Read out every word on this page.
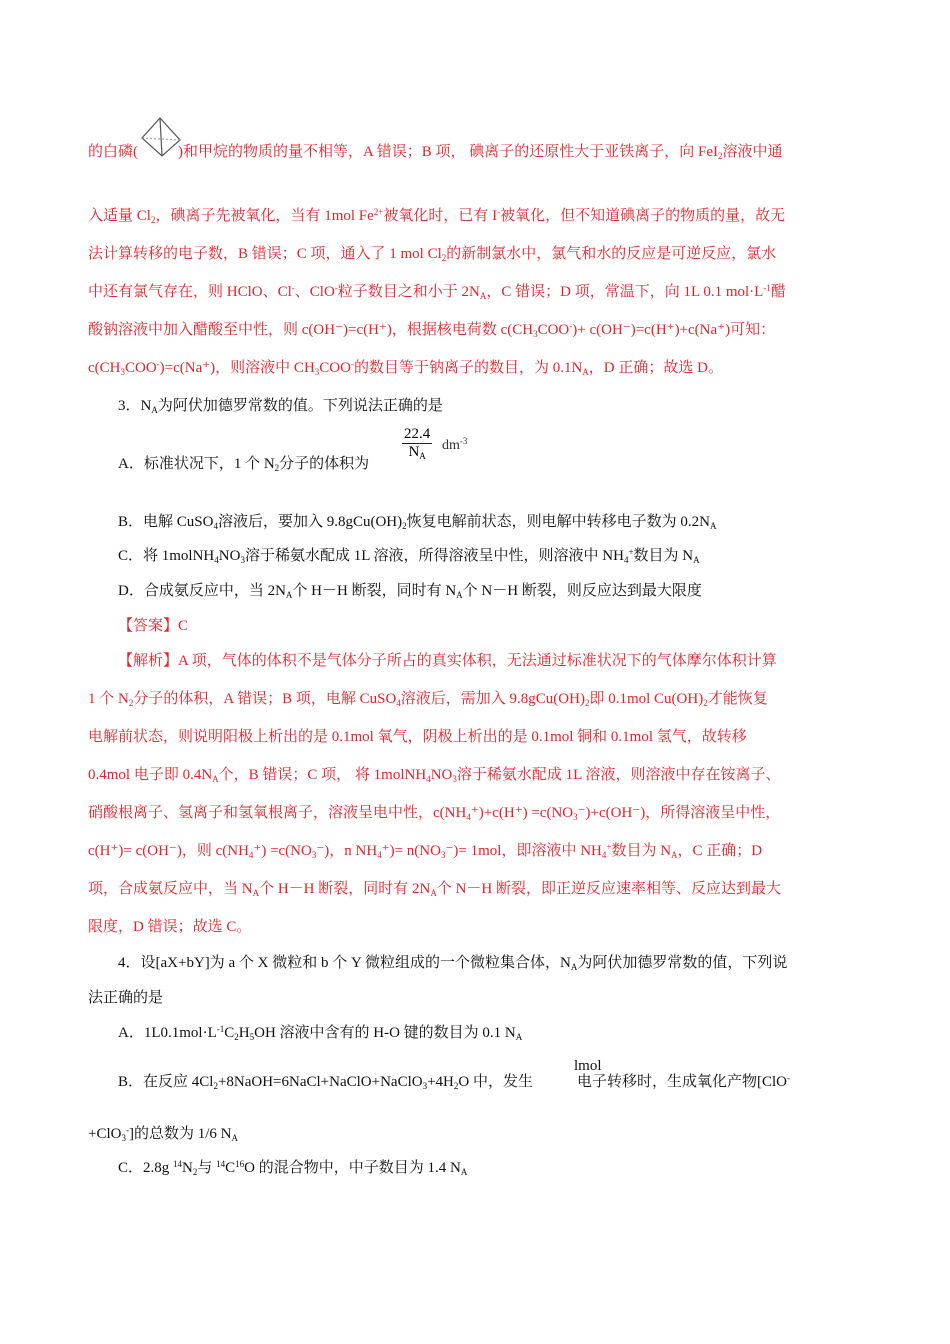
的白磷(	)和甲烷的物质的量不相等，A 错误；B 项， 碘离子的还原性大于亚铁离子，向 FeI$_2$溶液中通
入适量 $Cl_2$，碘离子先被氧化，当有 1mol $Fe^{2+}$被氧化时，已有 I-被氧化，但不知道碘离子的物质的量，故无
法计算转移的电子数，B 错误；C 项，通入了 1 mol $Cl_2$的新制氯水中，氯气和水的反应是可逆反应，氯水
中还有氯气存在，则 HClO、Cl-、ClO-粒子数目之和小于 $2N_A$，C 错误；D 项，常温下，向 1L 0.1 $mol\cdot L^{-1}$醋
酸钠溶液中加入醋酸至中性，则 c(OH⁻)=c(H⁺)，根据核电荷数 $c(CH_3COO^-)+ c(OH^-)=c(H^+)+c(Na^+)$可知：
$c(CH_3COO^-)=c(Na^+)$，则溶液中 $CH_3COO^-$的数目等于钠离子的数目，为 $0.1N_A$，D 正确；故选 D。
3．$N_A$为阿伏加德罗常数的值。下列说法正确的是
A．标准状况下，1 个 $N_2$分子的体积为
$\frac{22.4}{N_A} dm^{-3}$
B．电解 CuSO$_4$溶液后，要加入 $9.8gCu(OH)_2$恢复电解前状态，则电解中转移电子数为 $0.2N_A$
C．将 $1molNH_4NO_3$溶于稀氨水配成 1L 溶液，所得溶液呈中性，则溶液中 $NH_4^+$数目为 $N_A$
D．合成氨反应中，当 $2N_A$个 H－H 断裂，同时有 $N_A$个 N－H 断裂，则反应达到最大限度
【答案】C
【解析】A 项，气体的体积不是气体分子所占的真实体积，无法通过标准状况下的气体摩尔体积计算
1 个 $N_2$分子的体积，A 错误；B 项，电解 CuSO$_4$溶液后，需加入 $9.8gCu(OH)_2$即 0.1mol $Cu(OH)_2$才能恢复
电解前状态，则说明阳极上析出的是 0.1mol 氧气，阴极上析出的是 0.1mol 铜和 0.1mol 氢气，故转移
0.4mol 电子即 $0.4N_A$个，B 错误；C 项， 将 $1molNH_4NO_3$溶于稀氨水配成 1L 溶液，则溶液中存在铵离子、
硝酸根离子、氢离子和氢氧根离子，溶液呈电中性，$c(NH_4^+)+c(H^+) =c(NO_3^-)+c(OH^-)$，所得溶液呈中性，
c(H⁺)= c(OH⁻)，则 $c(NH_4^+) =c(NO_3^-)$，n $NH_4^+)= n(NO_3^-)= 1mol$，即溶液中 $NH_4^+$数目为 $N_A$，C 正确；D
项，合成氨反应中，当 $N_A$个 H－H 断裂，同时有 $2N_A$个 N－H 断裂，即正逆反应速率相等、反应达到最大
限度，D 错误；故选 C。
4．设[aX+bY]为 a 个 X 微粒和 b 个 Y 微粒组成的一个微粒集合体，$N_A$为阿伏加德罗常数的值，下列说
法正确的是
A．$1L0.1mol\cdot L^{-1}C_2H_5OH$ 溶液中含有的 H-O 键的数目为 0.1 $N_A$
B．在反应 $4Cl_2+8NaOH=6NaCl+NaClO+NaClO_3+4H_2O$ 中，发生	电子转移时，生成氧化产物[ClO-
lmol
+ClO$_3$-]的总数为 1/6 $N_A$
C．2.8g $^{14}N_2$与 $^{14}C^{16}O$ 的混合物中，中子数目为 1.4 $N_A$
